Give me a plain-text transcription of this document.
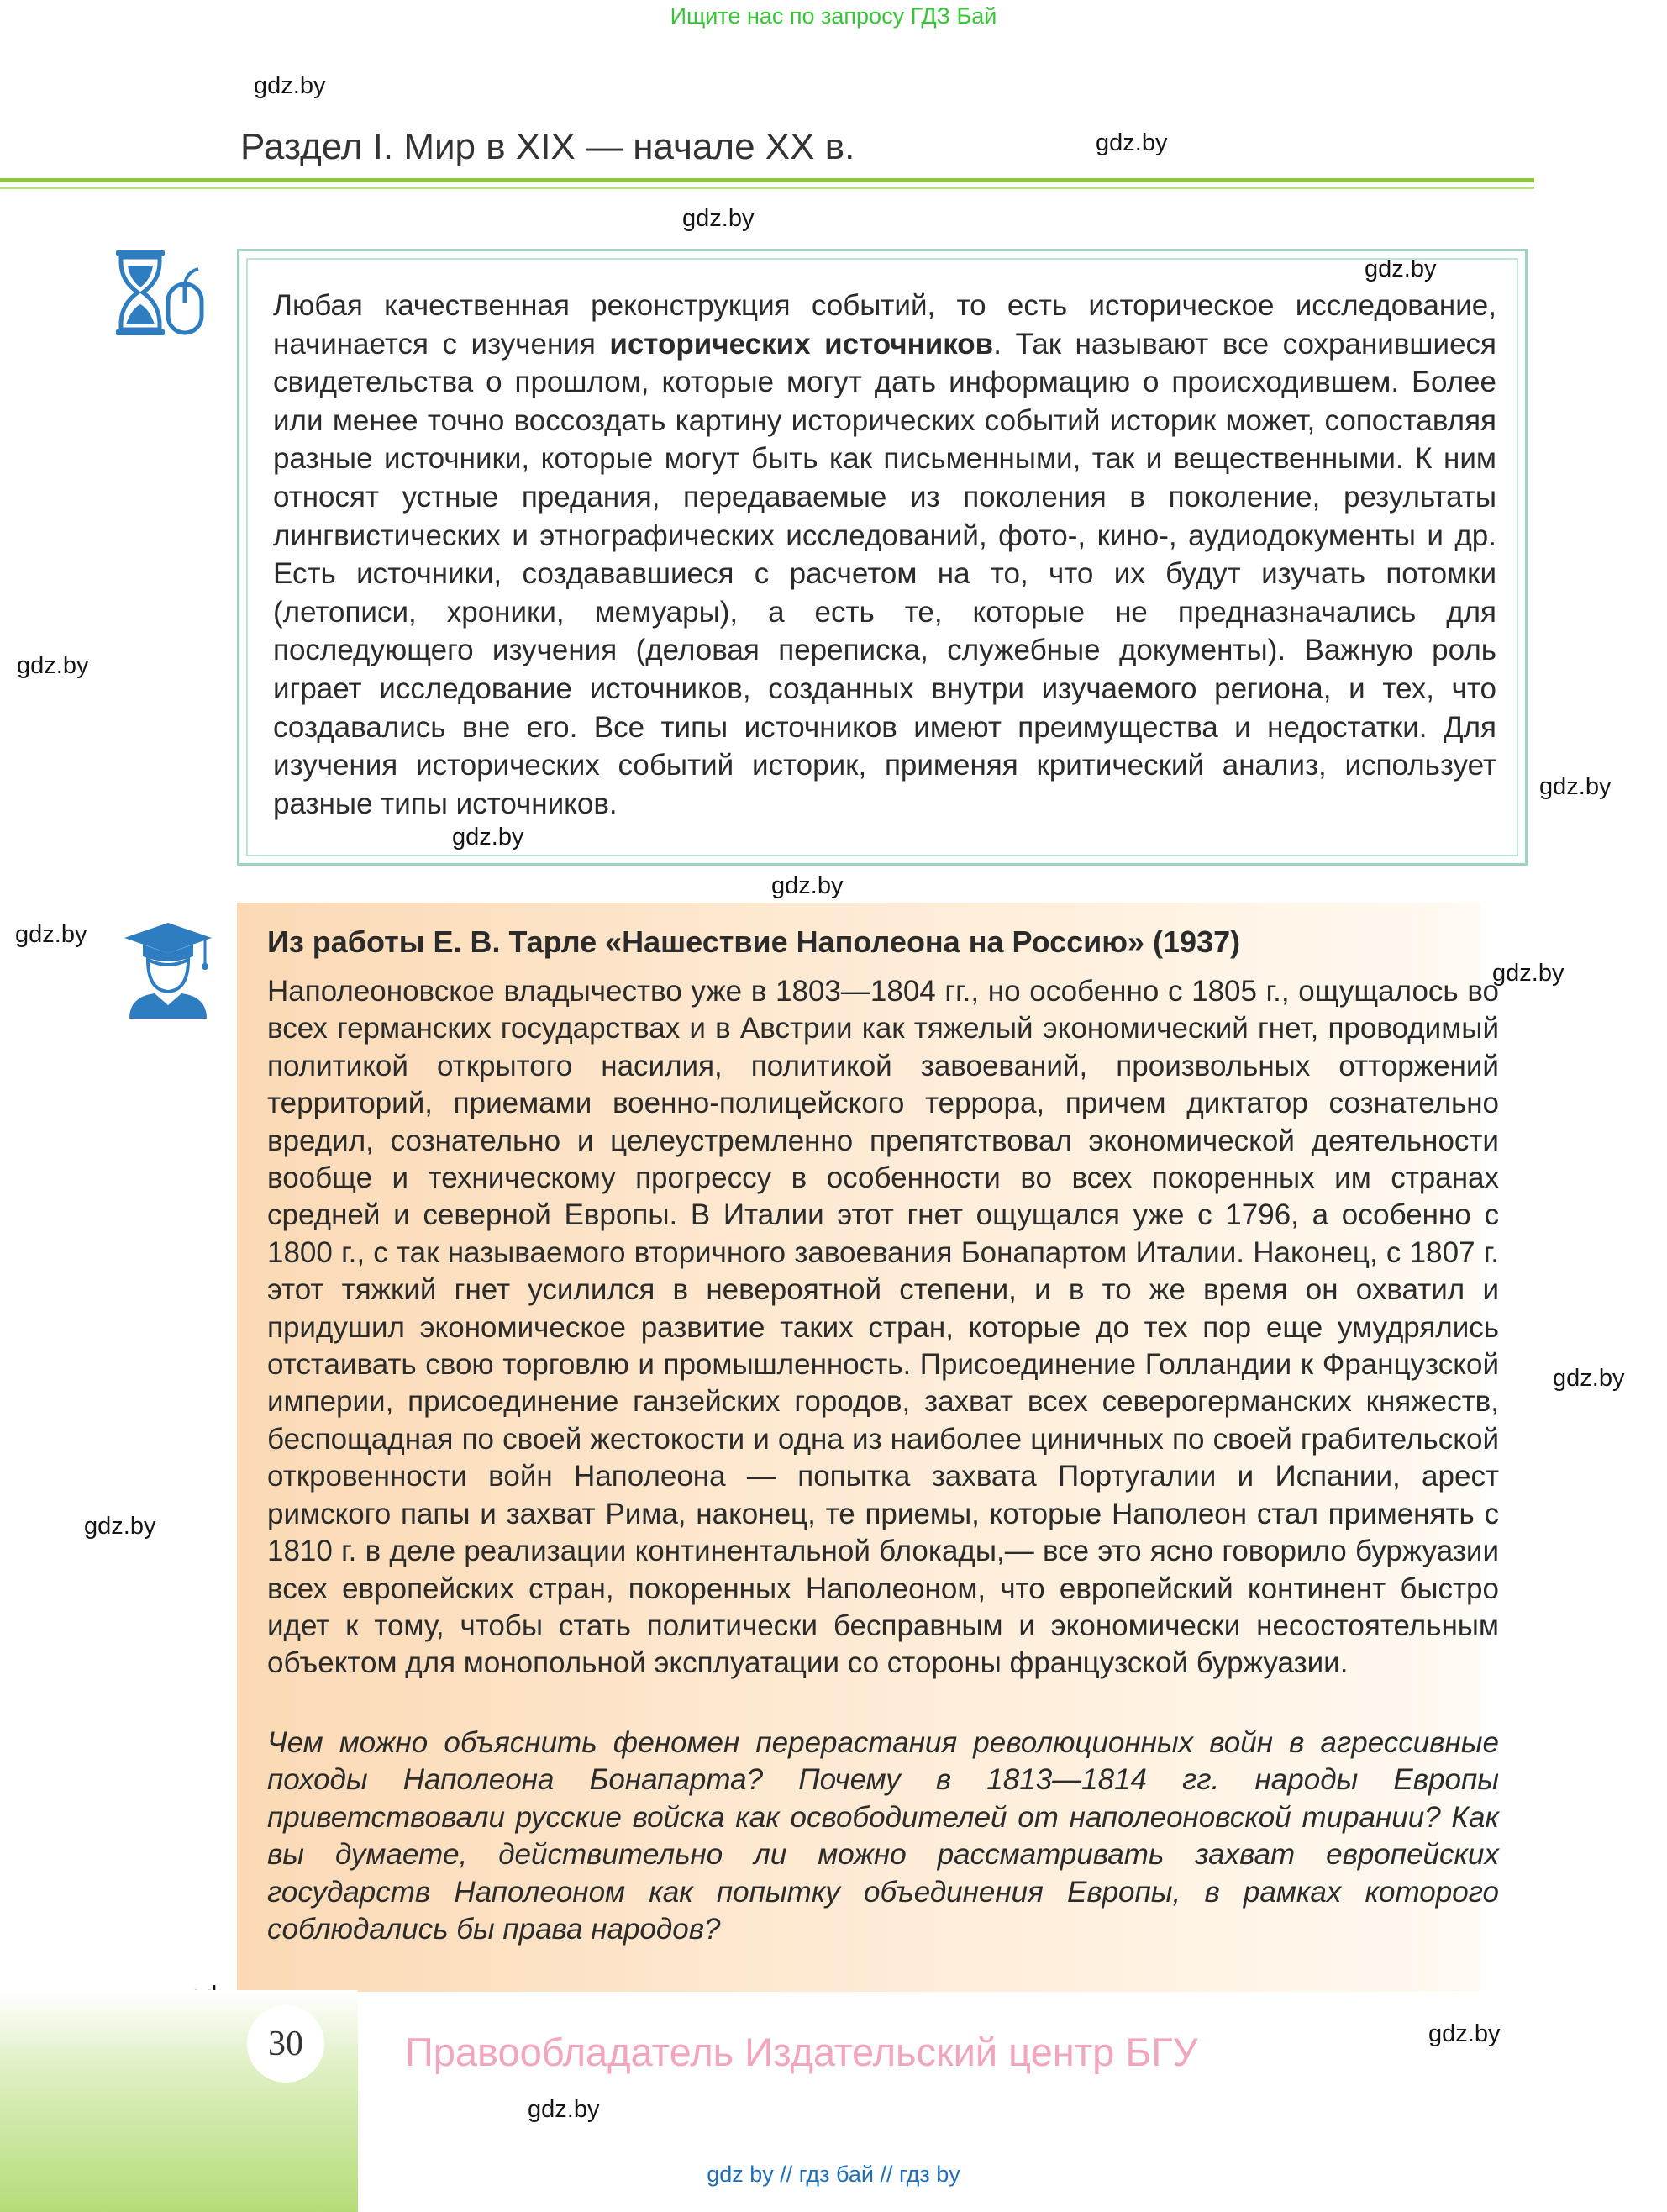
Ищите нас по запросу ГДЗ Бай
gdz.by
gdz.by
gdz.by
gdz.by
gdz.by
gdz.by
gdz.by
gdz.by
gdz.by
gdz.by
gdz.by
gdz.by
gdz.by
gdz.by
Раздел I. Мир в XIX — начале XX в.
Любая качественная реконструкция событий, то есть историческое исследование, начинается с изучения исторических источников. Так называют все сохранившиеся свидетельства о прошлом, которые могут дать информацию о происходившем. Более или менее точно воссоздать картину исторических событий историк может, сопоставляя разные источники, которые могут быть как письменными, так и вещественными. К ним относят устные предания, передаваемые из поколения в поколение, результаты лингвистических и этнографических исследований, фото-, кино-, аудиодокументы и др. Есть источники, создававшиеся с расчетом на то, что их будут изучать потомки (летописи, хроники, мемуары), а есть те, которые не предназначались для последующего изучения (деловая переписка, служебные документы). Важную роль играет исследование источников, созданных внутри изучаемого региона, и тех, что создавались вне его. Все типы источников имеют преимущества и недостатки. Для изучения исторических событий историк, применяя критический анализ, использует разные типы источников.
Из работы Е. В. Тарле «Нашествие Наполеона на Россию» (1937)
Наполеоновское владычество уже в 1803—1804 гг., но особенно с 1805 г., ощущалось во всех германских государствах и в Австрии как тяжелый экономический гнет, проводимый политикой открытого насилия, политикой завоеваний, произвольных отторжений территорий, приемами военно-полицейского террора, причем диктатор сознательно вредил, сознательно и целеустремленно препятствовал экономической деятельности вообще и техническому прогрессу в особенности во всех покоренных им странах средней и северной Европы. В Италии этот гнет ощущался уже с 1796, а особенно с 1800 г., с так называемого вторичного завоевания Бонапартом Италии. Наконец, с 1807 г. этот тяжкий гнет усилился в невероятной степени, и в то же время он охватил и придушил экономическое развитие таких стран, которые до тех пор еще умудрялись отстаивать свою торговлю и промышленность. Присоединение Голландии к Французской империи, присоединение ганзейских городов, захват всех северогерманских княжеств, беспощадная по своей жестокости и одна из наиболее циничных по своей грабительской откровенности войн Наполеона — попытка захвата Португалии и Испании, арест римского папы и захват Рима, наконец, те приемы, которые Наполеон стал применять с 1810 г. в деле реализации континентальной блокады,— все это ясно говорило буржуазии всех европейских стран, покоренных Наполеоном, что европейский континент быстро идет к тому, чтобы стать политически бесправным и экономически несостоятельным объектом для монопольной эксплуатации со стороны французской буржуазии.
Чем можно объяснить феномен перерастания революционных войн в агрессивные походы Наполеона Бонапарта? Почему в 1813—1814 гг. народы Европы приветствовали русские войска как освободителей от наполеоновской тирании? Как вы думаете, действительно ли можно рассматривать захват европейских государств Наполеоном как попытку объединения Европы, в рамках которого соблюдались бы права народов?
30	Правообладатель Издательский центр БГУ
gdz by // гдз бай // гдз by
